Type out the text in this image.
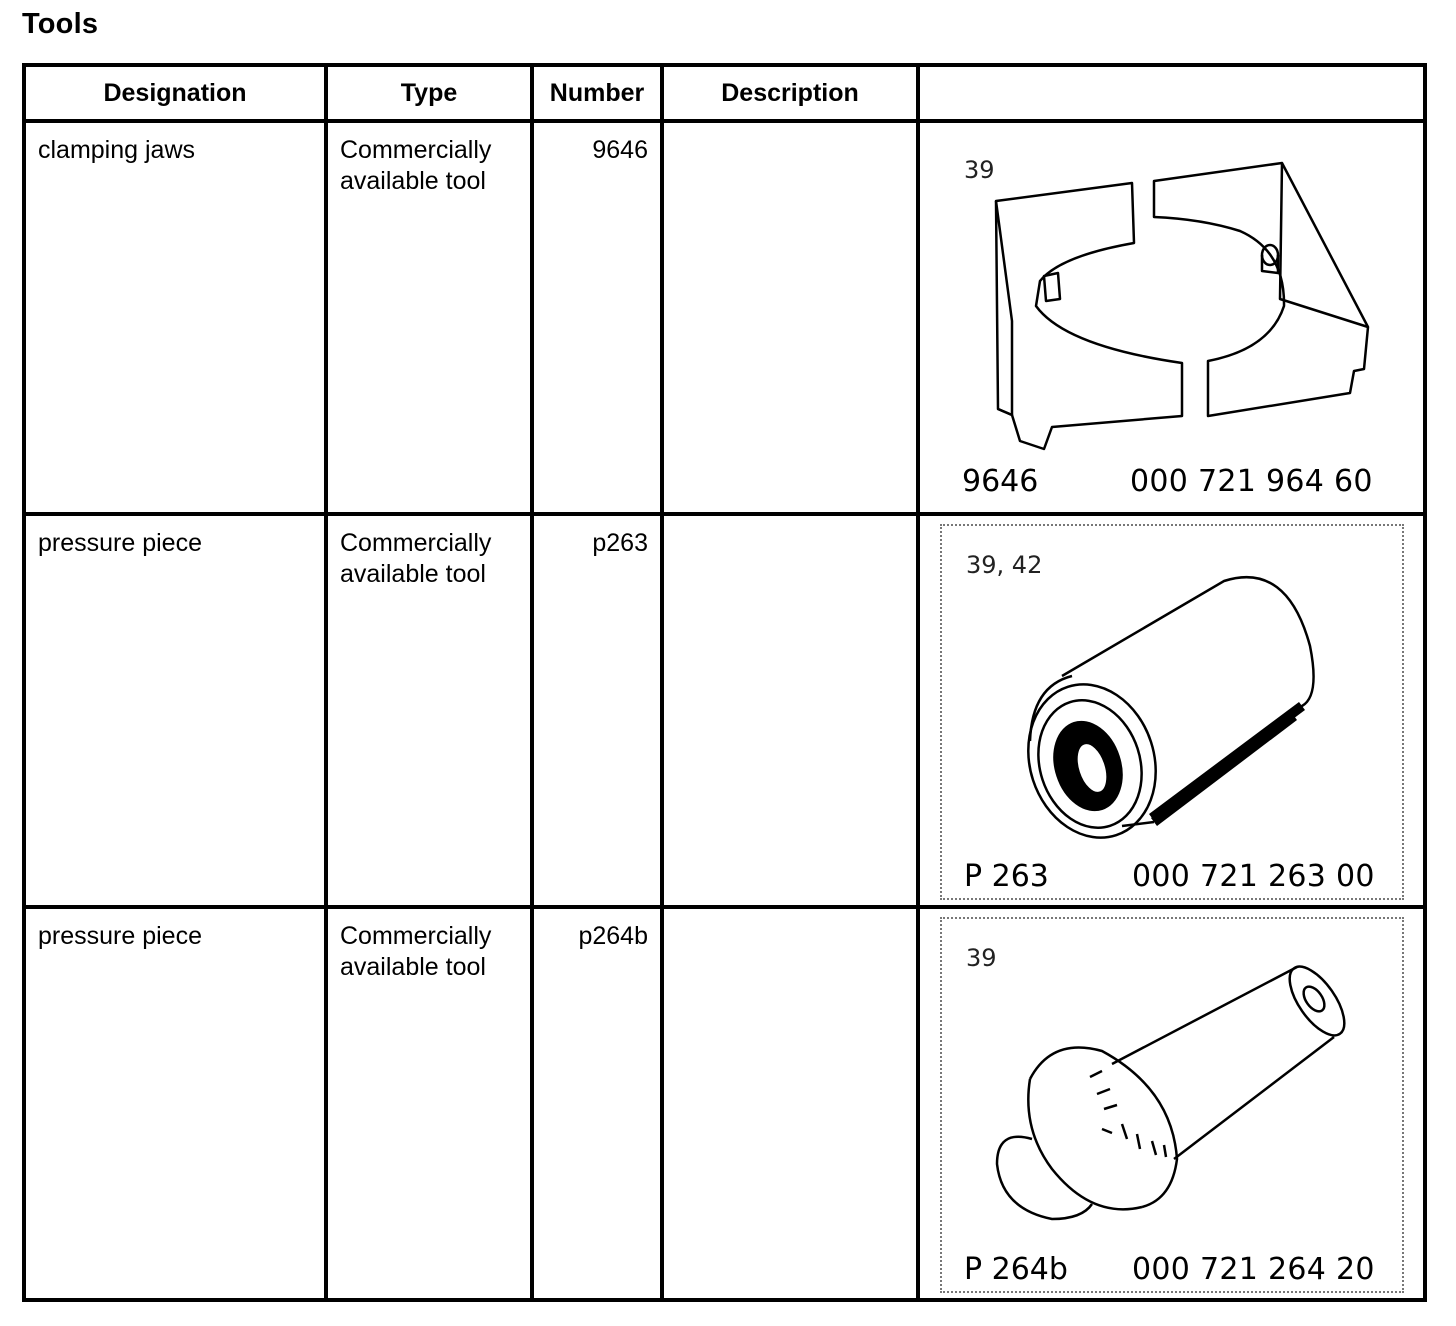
Tools
Designation	Type	Number	Description	

clamping jaws	Commercially available tool	9646		39
9646 000 721 964 60

pressure piece	Commercially available tool	p263		39, 42
P 263 000 721 263 00

pressure piece	Commercially available tool	p264b		39
P 264b 000 721 264 20
